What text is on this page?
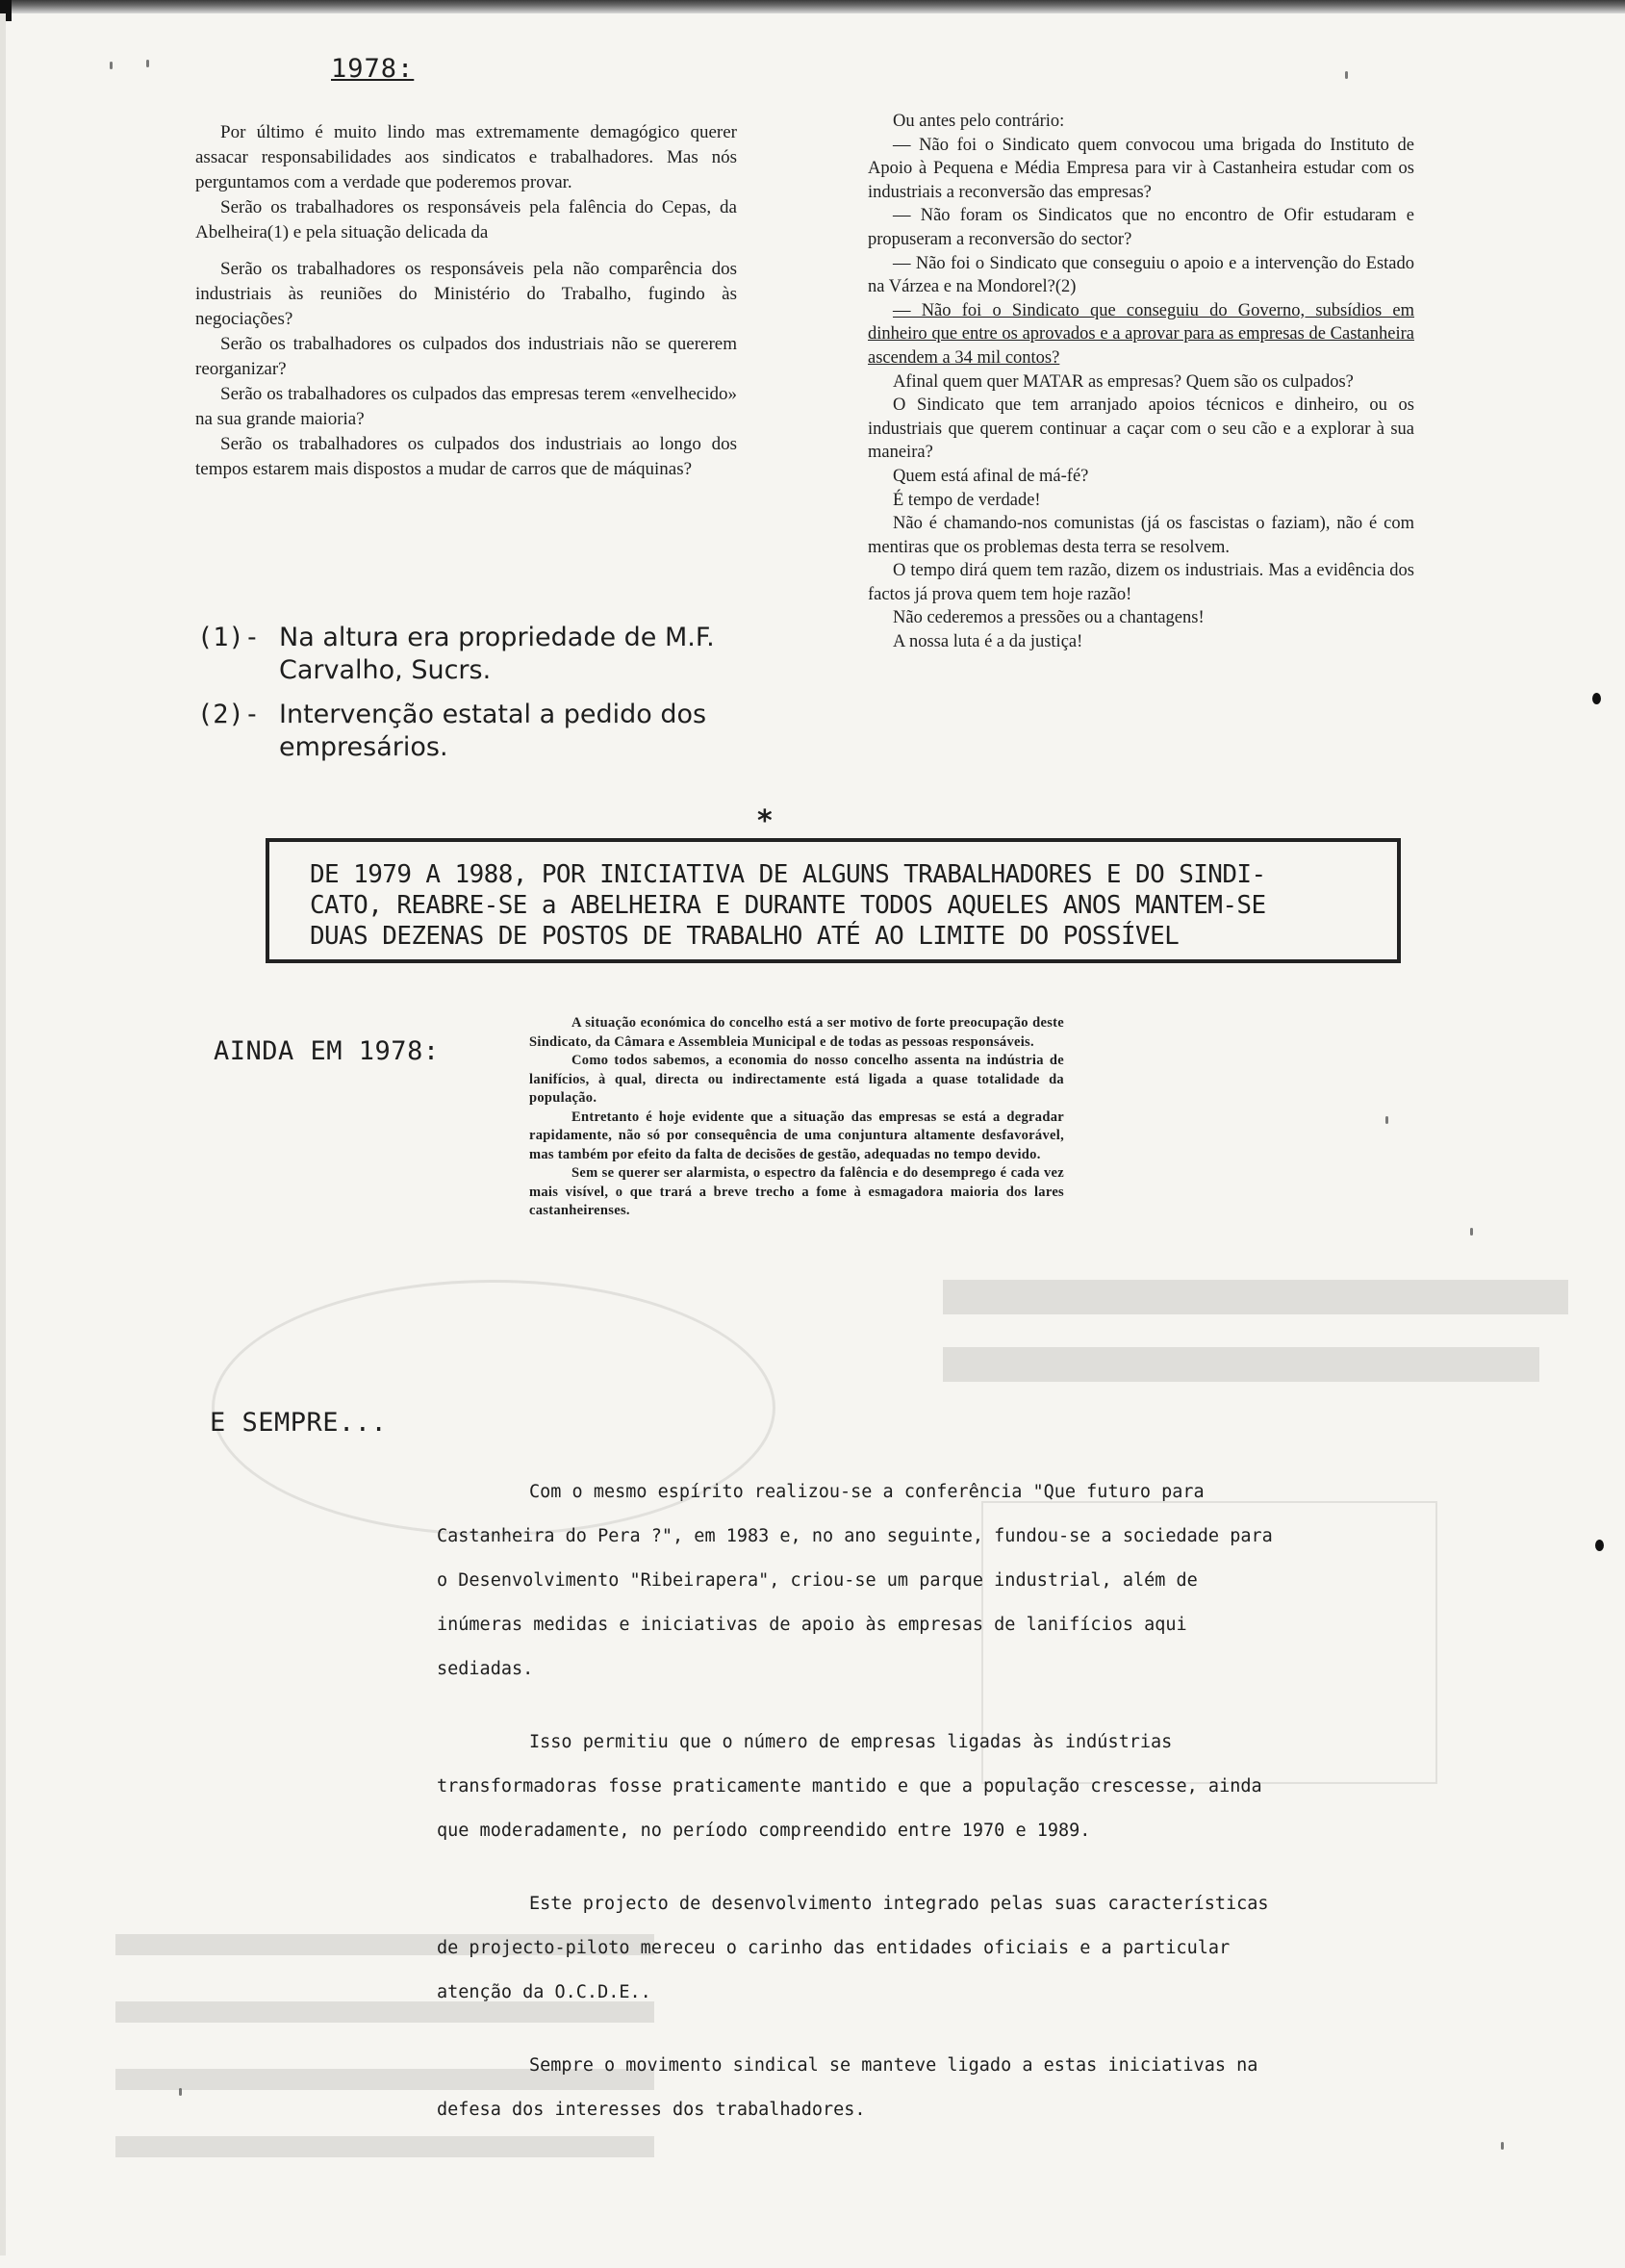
1978:

Por último é muito lindo mas extremamente demagógico querer assacar responsabilidades aos sindicatos e trabalhadores. Mas nós perguntamos com a verdade que poderemos provar.

Serão os trabalhadores os responsáveis pela falência do Cepas, da Abelheira(1) e pela situação delicada da

Serão os trabalhadores os responsáveis pela não comparência dos industriais às reuniões do Ministério do Trabalho, fugindo às negociações?

Serão os trabalhadores os culpados dos industriais não se quererem reorganizar?

Serão os trabalhadores os culpados das empresas terem «envelhecido» na sua grande maioria?

Serão os trabalhadores os culpados dos industriais ao longo dos tempos estarem mais dispostos a mudar de carros que de máquinas?

(1)- Na altura era propriedade de M.F. Carvalho, Sucrs.
(2)- Intervenção estatal a pedido dos empresários.

Ou antes pelo contrário:

— Não foi o Sindicato quem convocou uma brigada do Instituto de Apoio à Pequena e Média Empresa para vir à Castanheira estudar com os industriais a reconversão das empresas?

— Não foram os Sindicatos que no encontro de Ofir estudaram e propuseram a reconversão do sector?

— Não foi o Sindicato que conseguiu o apoio e a intervenção do Estado na Várzea e na Mondorel?(2)

— Não foi o Sindicato que conseguiu do Governo, subsídios em dinheiro que entre os aprovados e a aprovar para as empresas de Castanheira ascendem a 34 mil contos?

Afinal quem quer MATAR as empresas? Quem são os culpados?

O Sindicato que tem arranjado apoios técnicos e dinheiro, ou os industriais que querem continuar a caçar com o seu cão e a explorar à sua maneira?

Quem está afinal de má-fé?

É tempo de verdade!

Não é chamando-nos comunistas (já os fascistas o faziam), não é com mentiras que os problemas desta terra se resolvem.

O tempo dirá quem tem razão, dizem os industriais. Mas a evidência dos factos já prova quem tem hoje razão!

Não cederemos a pressões ou a chantagens!

A nossa luta é a da justiça!

*
DE 1979 A 1988, POR INICIATIVA DE ALGUNS TRABALHADORES E DO SINDI-
CATO, REABRE-SE a ABELHEIRA E DURANTE TODOS AQUELES ANOS MANTEM-SE
DUAS DEZENAS DE POSTOS DE TRABALHO ATÉ AO LIMITE DO POSSÍVEL
AINDA EM 1978:

A situação económica do concelho está a ser motivo de forte preocupação deste Sindicato, da Câmara e Assembleia Municipal e de todas as pessoas responsáveis.

Como todos sabemos, a economia do nosso concelho assenta na indústria de lanifícios, à qual, directa ou indirectamente está ligada a quase totalidade da população.

Entretanto é hoje evidente que a situação das empresas se está a degradar rapidamente, não só por consequência de uma conjuntura altamente desfavorável, mas também por efeito da falta de decisões de gestão, adequadas no tempo devido.

Sem se querer ser alarmista, o espectro da falência e do desemprego é cada vez mais visível, o que trará a breve trecho a fome à esmagadora maioria dos lares castanheirenses.

E SEMPRE...

Com o mesmo espírito realizou-se a conferência "Que futuro para Castanheira do Pera ?", em 1983 e, no ano seguinte, fundou-se a sociedade para o Desenvolvimento "Ribeirapera", criou-se um parque industrial, além de inúmeras medidas e iniciativas de apoio às empresas de lanifícios aqui sediadas.

Isso permitiu que o número de empresas ligadas às indústrias transformadoras fosse praticamente mantido e que a população crescesse, ainda que moderadamente, no período compreendido entre 1970 e 1989.

Este projecto de desenvolvimento integrado pelas suas características de projecto-piloto mereceu o carinho das entidades oficiais e a particular atenção da O.C.D.E..

Sempre o movimento sindical se manteve ligado a estas iniciativas na defesa dos interesses dos trabalhadores.
